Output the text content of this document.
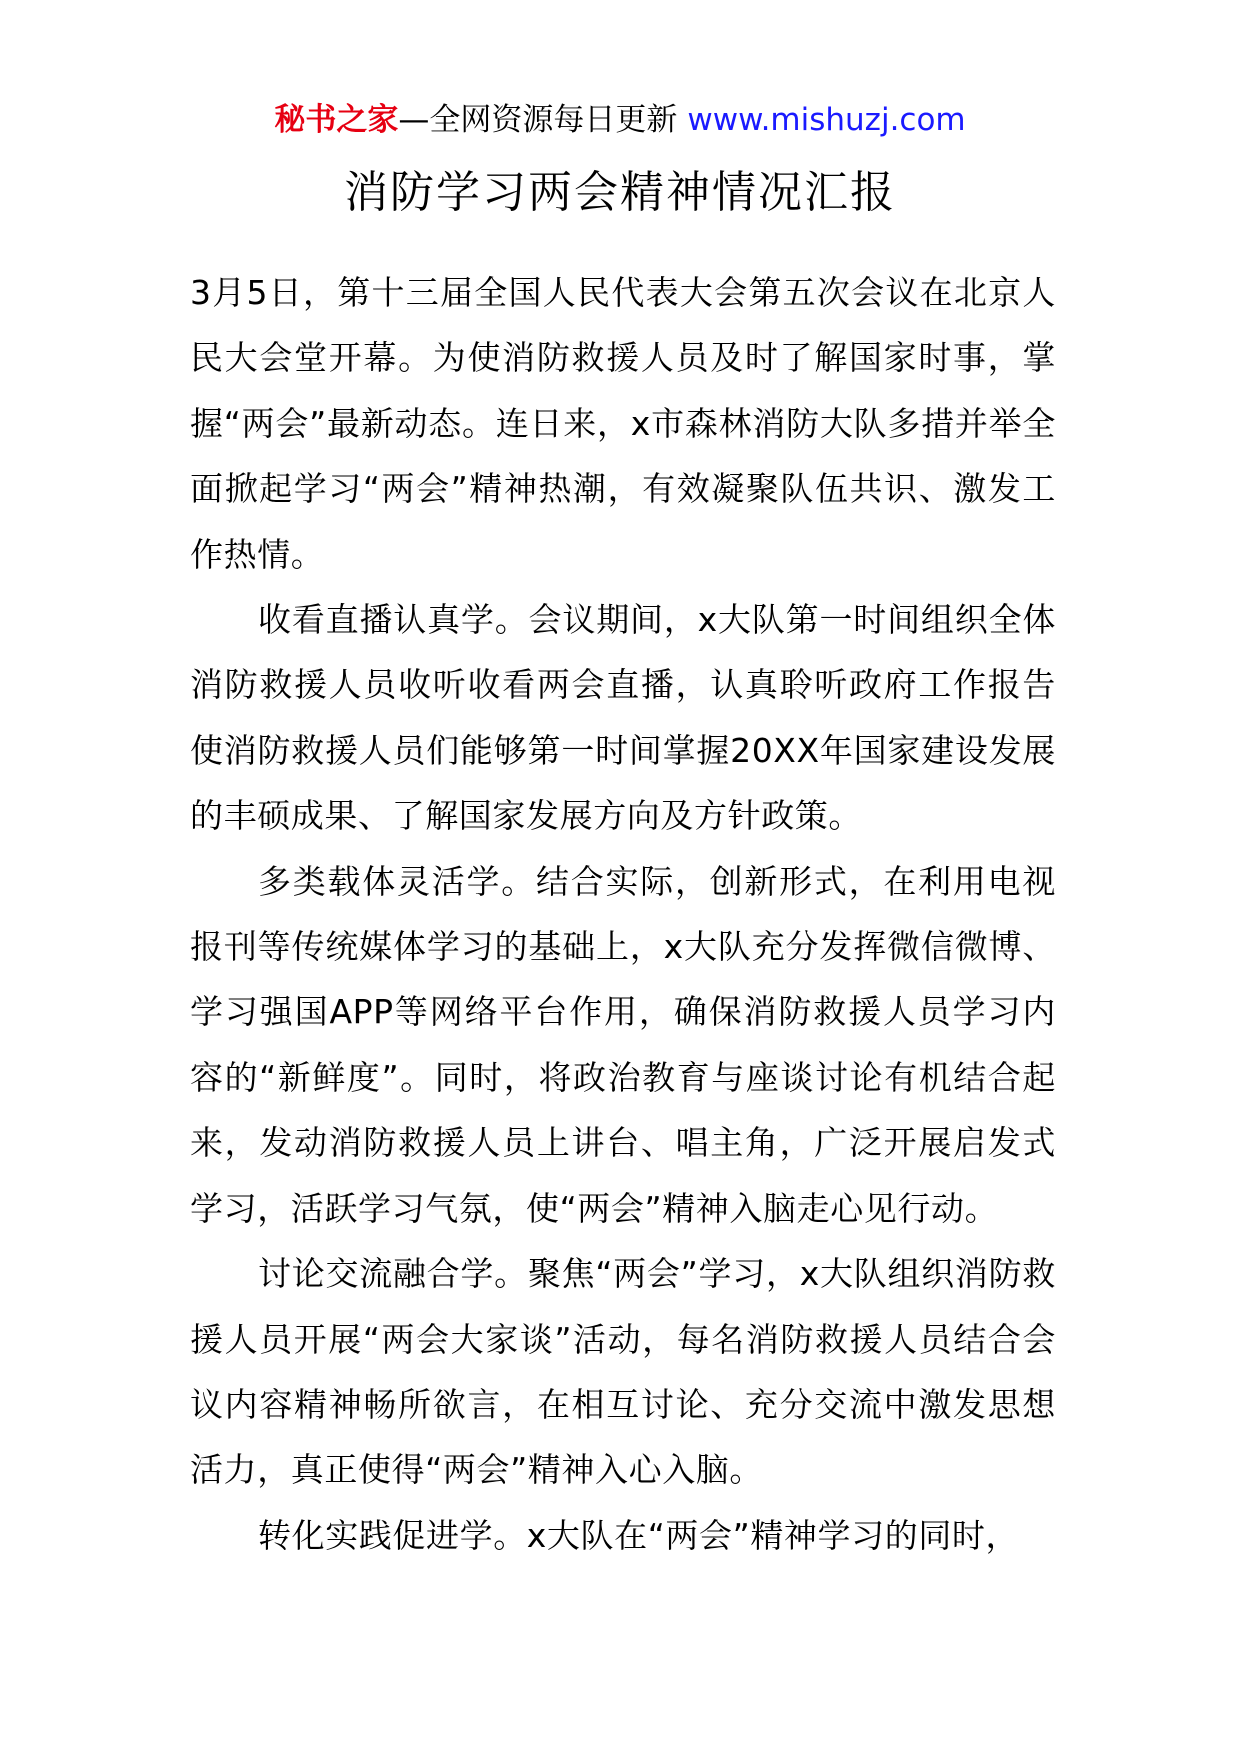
秘书之家—全网资源每日更新 www.mishuzj.com
消防学习两会精神情况汇报

3月5日，第十三届全国人民代表大会第五次会议在北京人民大会堂开幕。为使消防救援人员及时了解国家时事，掌握“两会”最新动态。连日来，x市森林消防大队多措并举全面掀起学习“两会”精神热潮，有效凝聚队伍共识、激发工作热情。

收看直播认真学。会议期间，x大队第一时间组织全体消防救援人员收听收看两会直播，认真聆听政府工作报告使消防救援人员们能够第一时间掌握20XX年国家建设发展的丰硕成果、了解国家发展方向及方针政策。

多类载体灵活学。结合实际，创新形式，在利用电视报刊等传统媒体学习的基础上，x大队充分发挥微信微博、学习强国APP等网络平台作用，确保消防救援人员学习内容的“新鲜度”。同时，将政治教育与座谈讨论有机结合起来，发动消防救援人员上讲台、唱主角，广泛开展启发式学习，活跃学习气氛，使“两会”精神入脑走心见行动。

讨论交流融合学。聚焦“两会”学习，x大队组织消防救援人员开展“两会大家谈”活动，每名消防救援人员结合会议内容精神畅所欲言，在相互讨论、充分交流中激发思想活力，真正使得“两会”精神入心入脑。

转化实践促进学。x大队在“两会”精神学习的同时，
